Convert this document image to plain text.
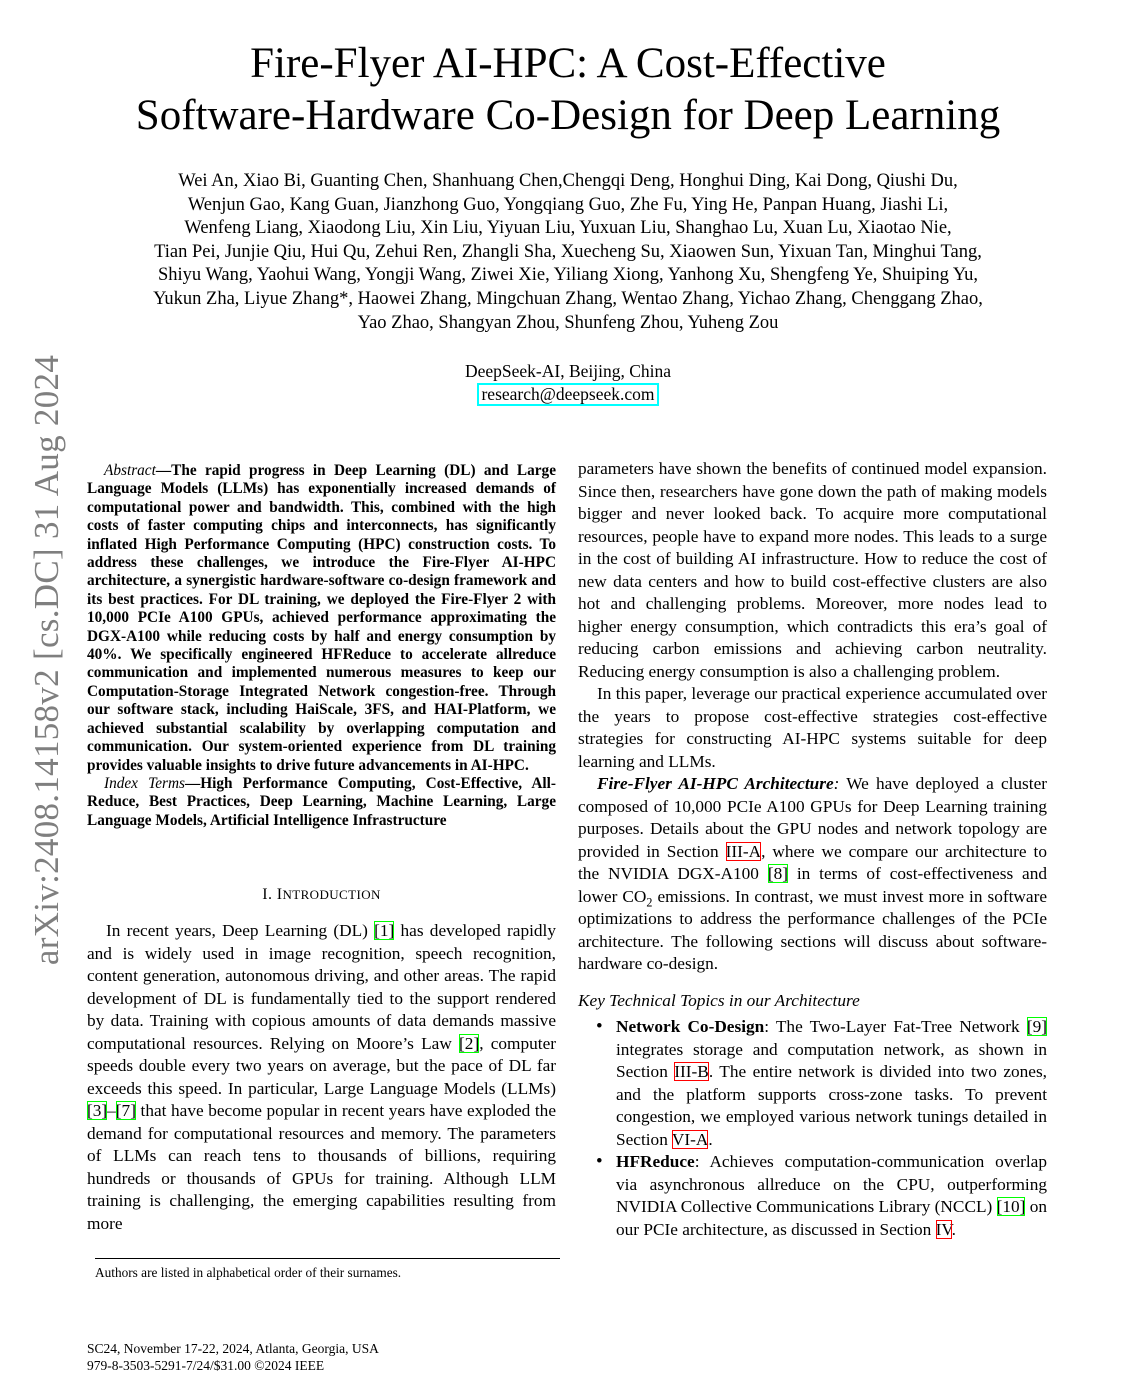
arXiv:2408.14158v2 [cs.DC] 31 Aug 2024
Fire-Flyer AI-HPC: A Cost-Effective
Software-Hardware Co-Design for Deep Learning
Wei An, Xiao Bi, Guanting Chen, Shanhuang Chen,Chengqi Deng, Honghui Ding, Kai Dong, Qiushi Du,
Wenjun Gao, Kang Guan, Jianzhong Guo, Yongqiang Guo, Zhe Fu, Ying He, Panpan Huang, Jiashi Li,
Wenfeng Liang, Xiaodong Liu, Xin Liu, Yiyuan Liu, Yuxuan Liu, Shanghao Lu, Xuan Lu, Xiaotao Nie,
Tian Pei, Junjie Qiu, Hui Qu, Zehui Ren, Zhangli Sha, Xuecheng Su, Xiaowen Sun, Yixuan Tan, Minghui Tang,
Shiyu Wang, Yaohui Wang, Yongji Wang, Ziwei Xie, Yiliang Xiong, Yanhong Xu, Shengfeng Ye, Shuiping Yu,
Yukun Zha, Liyue Zhang*, Haowei Zhang, Mingchuan Zhang, Wentao Zhang, Yichao Zhang, Chenggang Zhao,
Yao Zhao, Shangyan Zhou, Shunfeng Zhou, Yuheng Zou
DeepSeek-AI, Beijing, China
research@deepseek.com

Abstract—The rapid progress in Deep Learning (DL) and Large Language Models (LLMs) has exponentially increased demands of computational power and bandwidth. This, combined with the high costs of faster computing chips and interconnects, has significantly inflated High Performance Computing (HPC) construction costs. To address these challenges, we introduce the Fire-Flyer AI-HPC architecture, a synergistic hardware-software co-design framework and its best practices. For DL training, we deployed the Fire-Flyer 2 with 10,000 PCIe A100 GPUs, achieved performance approximating the DGX-A100 while reducing costs by half and energy consumption by 40%. We specifically engineered HFReduce to accelerate allreduce communication and implemented numerous measures to keep our Computation-Storage Integrated Network congestion-free. Through our software stack, including HaiScale, 3FS, and HAI-Platform, we achieved substantial scalability by overlapping computation and communication. Our system-oriented experience from DL training provides valuable insights to drive future advancements in AI-HPC.

Index Terms—High Performance Computing, Cost-Effective, All-Reduce, Best Practices, Deep Learning, Machine Learning, Large Language Models, Artificial Intelligence Infrastructure

I. INTRODUCTION

In recent years, Deep Learning (DL) [1] has developed rapidly and is widely used in image recognition, speech recognition, content generation, autonomous driving, and other areas. The rapid development of DL is fundamentally tied to the support rendered by data. Training with copious amounts of data demands massive computational resources. Relying on Moore’s Law [2], computer speeds double every two years on average, but the pace of DL far exceeds this speed. In particular, Large Language Models (LLMs) [3]–[7] that have become popular in recent years have exploded the demand for computational resources and memory. The parameters of LLMs can reach tens to thousands of billions, requiring hundreds or thousands of GPUs for training. Although LLM training is challenging, the emerging capabilities resulting from more

parameters have shown the benefits of continued model expansion. Since then, researchers have gone down the path of making models bigger and never looked back. To acquire more computational resources, people have to expand more nodes. This leads to a surge in the cost of building AI infrastructure. How to reduce the cost of new data centers and how to build cost-effective clusters are also hot and challenging problems. Moreover, more nodes lead to higher energy consumption, which contradicts this era’s goal of reducing carbon emissions and achieving carbon neutrality. Reducing energy consumption is also a challenging problem.

In this paper, leverage our practical experience accumulated over the years to propose cost-effective strategies cost-effective strategies for constructing AI-HPC systems suitable for deep learning and LLMs.

Fire-Flyer AI-HPC Architecture: We have deployed a cluster composed of 10,000 PCIe A100 GPUs for Deep Learning training purposes. Details about the GPU nodes and network topology are provided in Section III-A, where we compare our architecture to the NVIDIA DGX-A100 [8] in terms of cost-effectiveness and lower $CO_2$ emissions. In contrast, we must invest more in software optimizations to address the performance challenges of the PCIe architecture. The following sections will discuss about software-hardware co-design.

Key Technical Topics in our Architecture

• Network Co-Design: The Two-Layer Fat-Tree Network [9] integrates storage and computation network, as shown in Section III-B. The entire network is divided into two zones, and the platform supports cross-zone tasks. To prevent congestion, we employed various network tunings detailed in Section VI-A.
• HFReduce: Achieves computation-communication overlap via asynchronous allreduce on the CPU, outperforming NVIDIA Collective Communications Library (NCCL) [10] on our PCIe architecture, as discussed in Section IV.
Authors are listed in alphabetical order of their surnames.
SC24, November 17-22, 2024, Atlanta, Georgia, USA
979-8-3503-5291-7/24/$31.00 ©2024 IEEE
